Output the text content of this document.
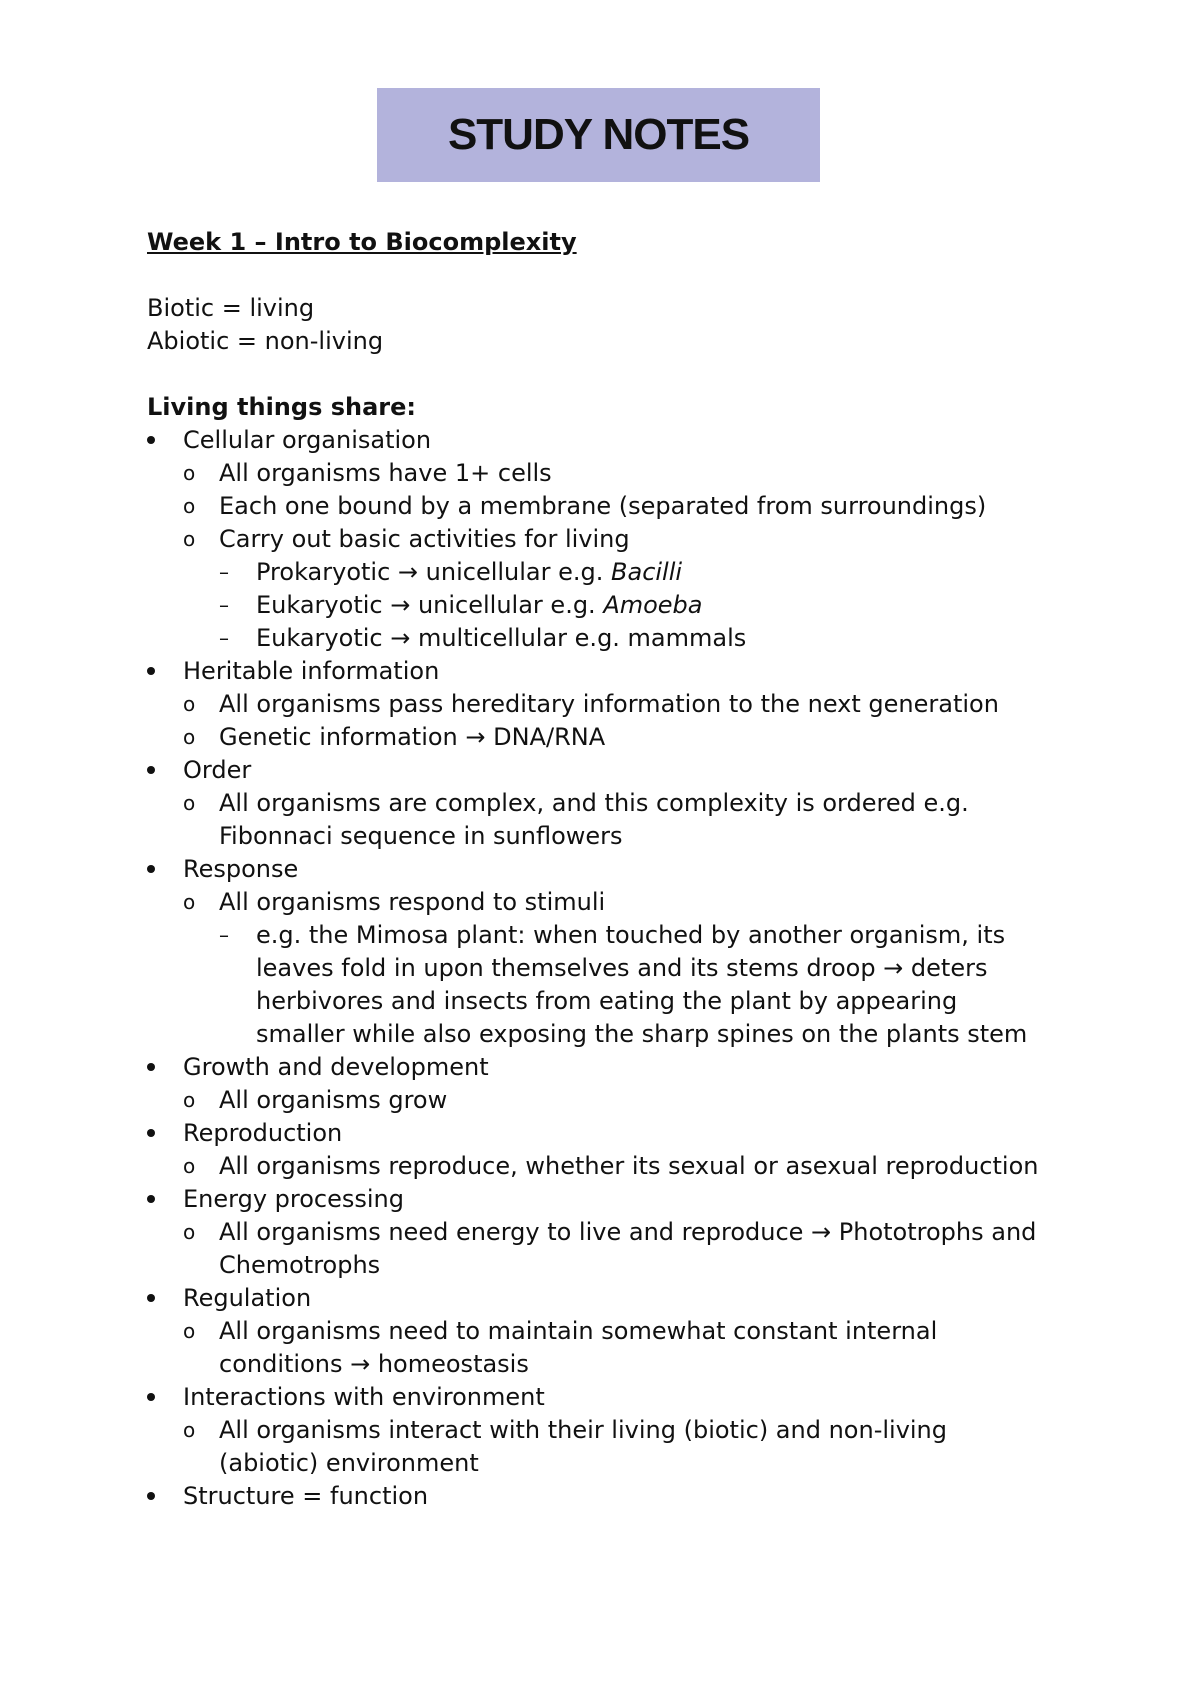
STUDY NOTES
Week 1 – Intro to Biocomplexity
Biotic = living
Abiotic = non-living
Living things share:
Cellular organisation
o All organisms have 1+ cells
o Each one bound by a membrane (separated from surroundings)
o Carry out basic activities for living
– Prokaryotic → unicellular e.g. Bacilli
– Eukaryotic → unicellular e.g. Amoeba
– Eukaryotic → multicellular e.g. mammals
Heritable information
o All organisms pass hereditary information to the next generation
o Genetic information → DNA/RNA
Order
o All organisms are complex, and this complexity is ordered e.g.
Fibonnaci sequence in sunflowers
Response
o All organisms respond to stimuli
– e.g. the Mimosa plant: when touched by another organism, its
leaves fold in upon themselves and its stems droop → deters
herbivores and insects from eating the plant by appearing
smaller while also exposing the sharp spines on the plants stem
Growth and development
o All organisms grow
Reproduction
o All organisms reproduce, whether its sexual or asexual reproduction
Energy processing
o All organisms need energy to live and reproduce → Phototrophs and
Chemotrophs
Regulation
o All organisms need to maintain somewhat constant internal
conditions → homeostasis
Interactions with environment
o All organisms interact with their living (biotic) and non-living
(abiotic) environment
Structure = function
